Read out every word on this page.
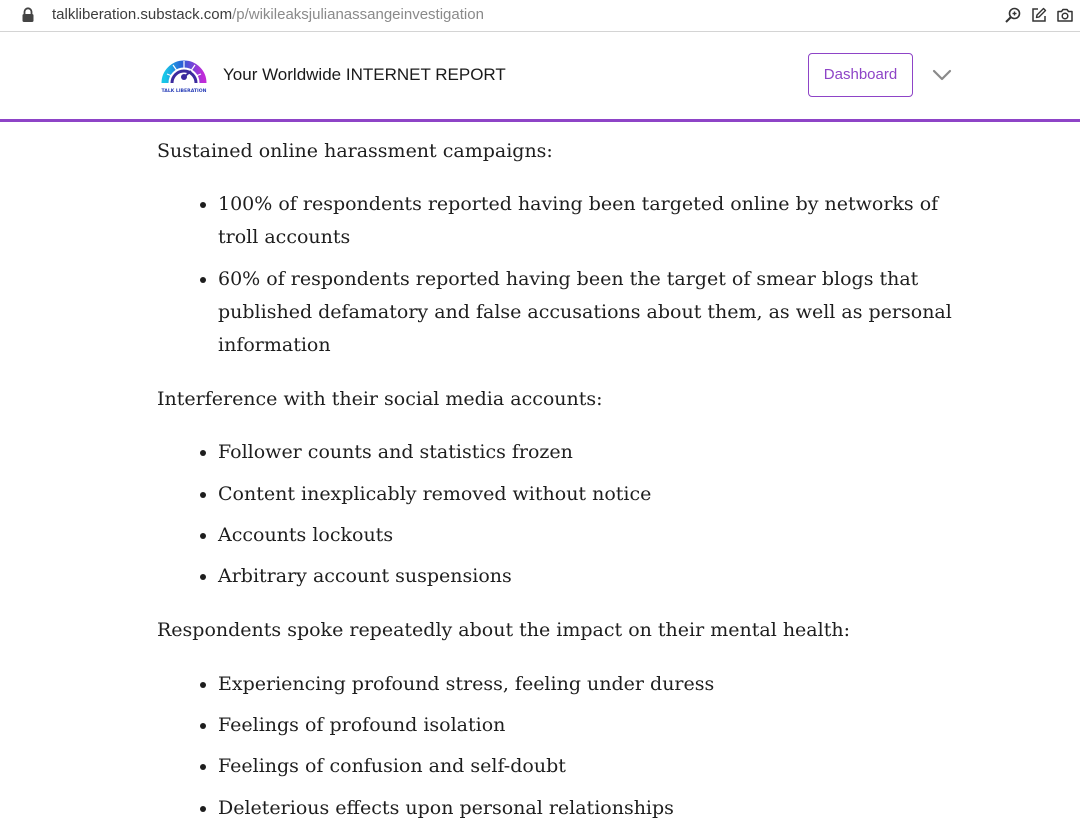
talkliberation.substack.com/p/wikileaksjulianassangeinvestigation
TALK LIBERATION
Your Worldwide INTERNET REPORT	Dashboard

Sustained online harassment campaigns:

100% of respondents reported having been targeted online by networks of troll accounts
60% of respondents reported having been the target of smear blogs that published defamatory and false accusations about them, as well as personal information

Interference with their social media accounts:

Follower counts and statistics frozen
Content inexplicably removed without notice
Accounts lockouts
Arbitrary account suspensions

Respondents spoke repeatedly about the impact on their mental health:

Experiencing profound stress, feeling under duress
Feelings of profound isolation
Feelings of confusion and self-doubt
Deleterious effects upon personal relationships
